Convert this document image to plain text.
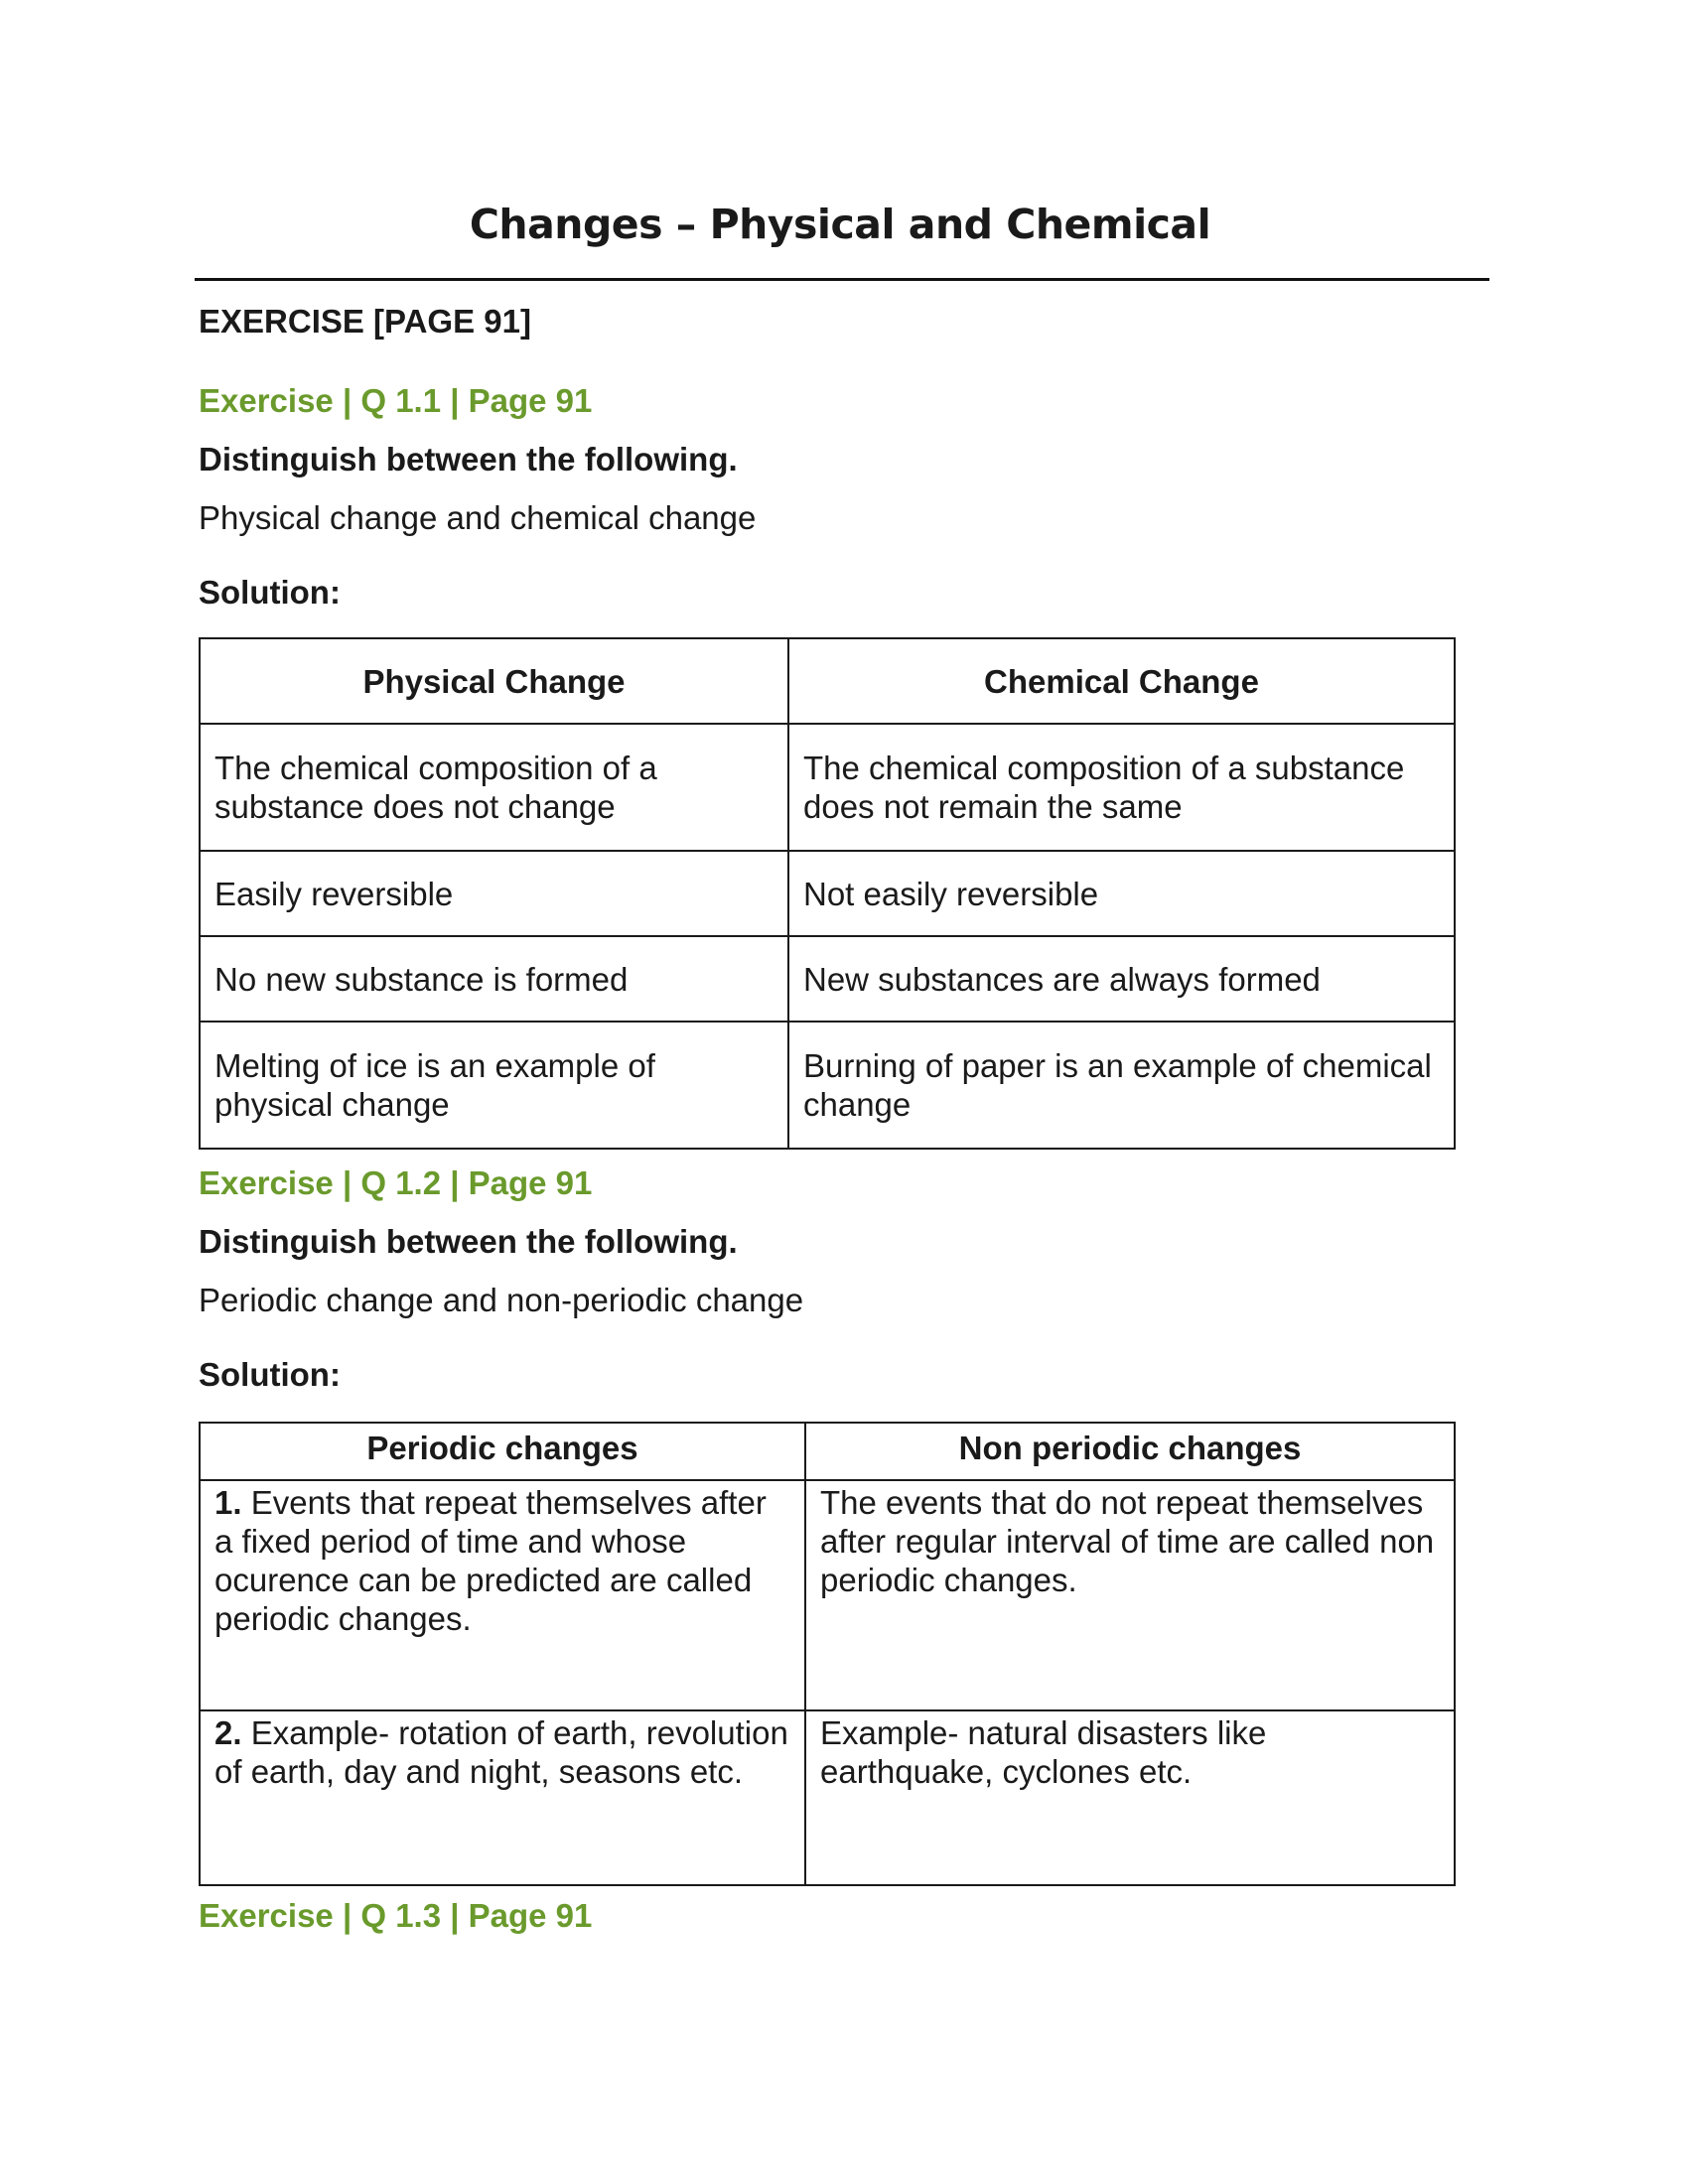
Changes – Physical and Chemical
EXERCISE [PAGE 91]

Exercise | Q 1.1 | Page 91

Distinguish between the following.

Physical change and chemical change

Solution:

Physical Change	Chemical Change
The chemical composition of a substance does not change	The chemical composition of a substance does not remain the same
Easily reversible	Not easily reversible
No new substance is formed	New substances are always formed
Melting of ice is an example of physical change	Burning of paper is an example of chemical change

Exercise | Q 1.2 | Page 91

Distinguish between the following.

Periodic change and non-periodic change

Solution:

Periodic changes	Non periodic changes
1. Events that repeat themselves after a fixed period of time and whose ocurence can be predicted are called periodic changes.	The events that do not repeat themselves after regular interval of time are called non periodic changes.
2. Example- rotation of earth, revolution of earth, day and night, seasons etc.	Example- natural disasters like earthquake, cyclones etc.

Exercise | Q 1.3 | Page 91
